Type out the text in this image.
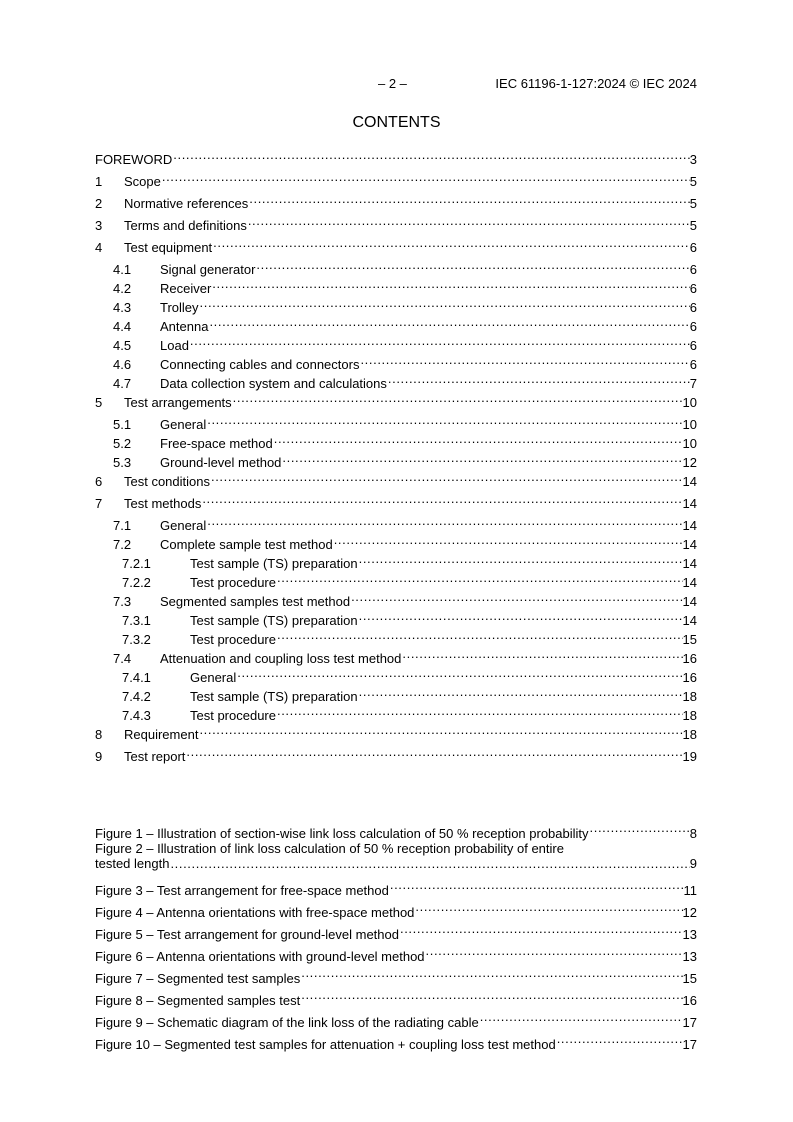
– 2 –	IEC 61196-1-127:2024 © IEC 2024
CONTENTS
FOREWORD .....	3
1	Scope .....	5
2	Normative references .....	5
3	Terms and definitions .....	5
4	Test equipment .....	6
4.1	Signal generator .....	6
4.2	Receiver .....	6
4.3	Trolley .....	6
4.4	Antenna .....	6
4.5	Load .....	6
4.6	Connecting cables and connectors .....	6
4.7	Data collection system and calculations .....	7
5	Test arrangements .....	10
5.1	General .....	10
5.2	Free-space method .....	10
5.3	Ground-level method .....	12
6	Test conditions .....	14
7	Test methods .....	14
7.1	General .....	14
7.2	Complete sample test method .....	14
7.2.1	Test sample (TS) preparation .....	14
7.2.2	Test procedure .....	14
7.3	Segmented samples test method .....	14
7.3.1	Test sample (TS) preparation .....	14
7.3.2	Test procedure .....	15
7.4	Attenuation and coupling loss test method .....	16
7.4.1	General .....	16
7.4.2	Test sample (TS) preparation .....	18
7.4.3	Test procedure .....	18
8	Requirement .....	18
9	Test report .....	19
Figure 1 – Illustration of section-wise link loss calculation of 50 % reception probability .....	8
Figure 2 – Illustration of link loss calculation of 50 % reception probability of entire
tested length .....	9
Figure 3 – Test arrangement for free-space method .....	11
Figure 4 – Antenna orientations with free-space method .....	12
Figure 5 – Test arrangement for ground-level method .....	13
Figure 6 – Antenna orientations with ground-level method .....	13
Figure 7 – Segmented test samples .....	15
Figure 8 – Segmented samples test .....	16
Figure 9 – Schematic diagram of the link loss of the radiating cable .....	17
Figure 10 – Segmented test samples for attenuation + coupling loss test method .....	17
